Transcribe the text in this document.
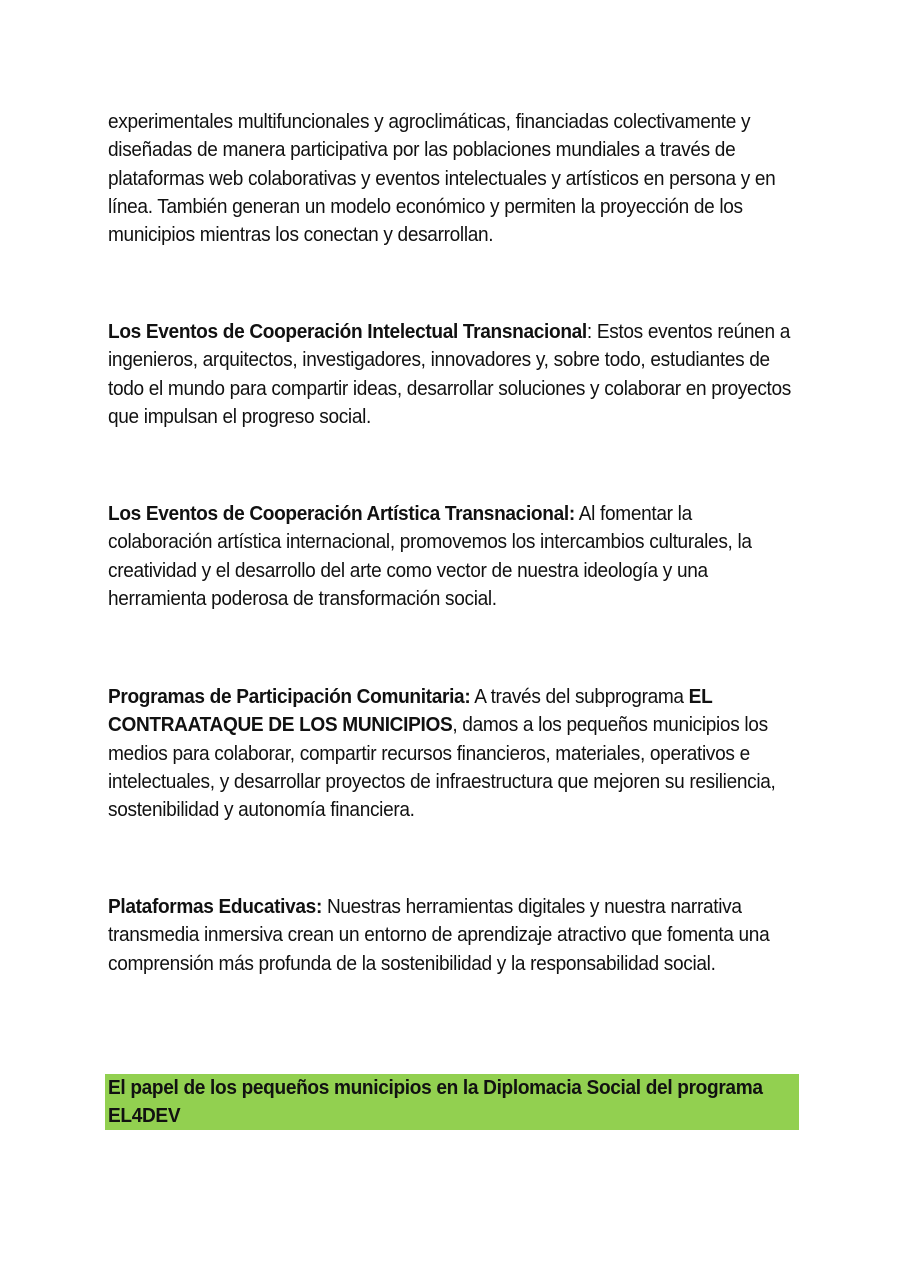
experimentales multifuncionales y agroclimáticas, financiadas colectivamente y diseñadas de manera participativa por las poblaciones mundiales a través de plataformas web colaborativas y eventos intelectuales y artísticos en persona y en línea. También generan un modelo económico y permiten la proyección de los municipios mientras los conectan y desarrollan.

Los Eventos de Cooperación Intelectual Transnacional: Estos eventos reúnen a ingenieros, arquitectos, investigadores, innovadores y, sobre todo, estudiantes de todo el mundo para compartir ideas, desarrollar soluciones y colaborar en proyectos que impulsan el progreso social.

Los Eventos de Cooperación Artística Transnacional: Al fomentar la colaboración artística internacional, promovemos los intercambios culturales, la creatividad y el desarrollo del arte como vector de nuestra ideología y una herramienta poderosa de transformación social.

Programas de Participación Comunitaria: A través del subprograma EL CONTRAATAQUE DE LOS MUNICIPIOS, damos a los pequeños municipios los medios para colaborar, compartir recursos financieros, materiales, operativos e intelectuales, y desarrollar proyectos de infraestructura que mejoren su resiliencia, sostenibilidad y autonomía financiera.

Plataformas Educativas: Nuestras herramientas digitales y nuestra narrativa transmedia inmersiva crean un entorno de aprendizaje atractivo que fomenta una comprensión más profunda de la sostenibilidad y la responsabilidad social.

El papel de los pequeños municipios en la Diplomacia Social del programa EL4DEV
